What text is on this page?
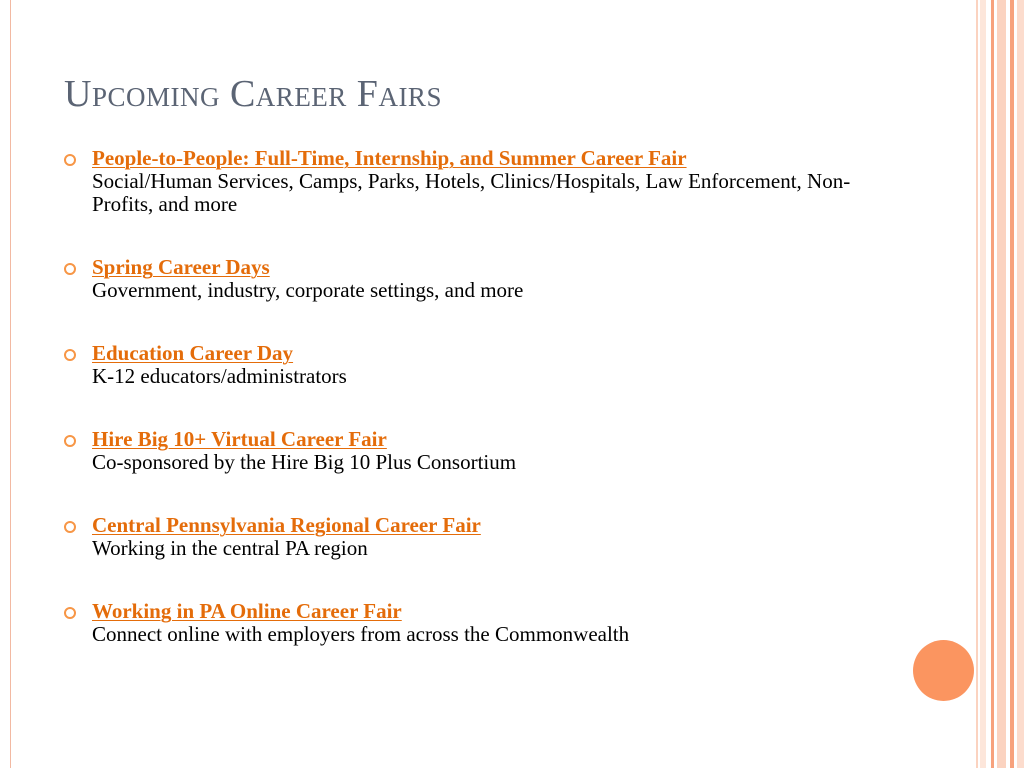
Upcoming Career Fairs
People-to-People: Full-Time, Internship, and Summer Career Fair
Social/Human Services, Camps, Parks, Hotels, Clinics/Hospitals, Law Enforcement, Non-Profits, and more
Spring Career Days
Government, industry, corporate settings, and more
Education Career Day
K-12 educators/administrators
Hire Big 10+ Virtual Career Fair
Co-sponsored by the Hire Big 10 Plus Consortium
Central Pennsylvania Regional Career Fair
Working in the central PA region
Working in PA Online Career Fair
Connect online with employers from across the Commonwealth
